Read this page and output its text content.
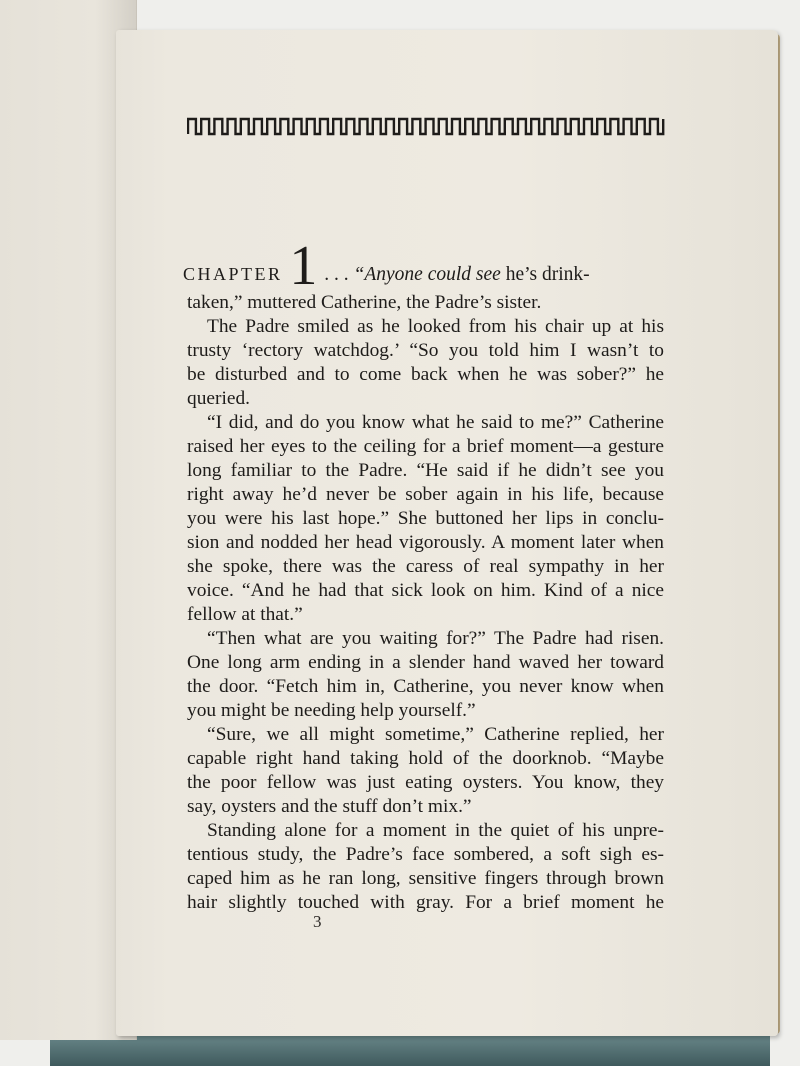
CHAPTER 1 . . . “Anyone could see he’s drink-
taken,” muttered Catherine, the Padre’s sister.
The Padre smiled as he looked from his chair up at his
trusty ‘rectory watchdog.’ “So you told him I wasn’t to
be disturbed and to come back when he was sober?” he
queried.
“I did, and do you know what he said to me?” Catherine
raised her eyes to the ceiling for a brief moment—a gesture
long familiar to the Padre. “He said if he didn’t see you
right away he’d never be sober again in his life, because
you were his last hope.” She buttoned her lips in conclu-
sion and nodded her head vigorously. A moment later when
she spoke, there was the caress of real sympathy in her
voice. “And he had that sick look on him. Kind of a nice
fellow at that.”
“Then what are you waiting for?” The Padre had risen.
One long arm ending in a slender hand waved her toward
the door. “Fetch him in, Catherine, you never know when
you might be needing help yourself.”
“Sure, we all might sometime,” Catherine replied, her
capable right hand taking hold of the doorknob. “Maybe
the poor fellow was just eating oysters. You know, they
say, oysters and the stuff don’t mix.”
Standing alone for a moment in the quiet of his unpre-
tentious study, the Padre’s face sombered, a soft sigh es-
caped him as he ran long, sensitive fingers through brown
hair slightly touched with gray. For a brief moment he
3
